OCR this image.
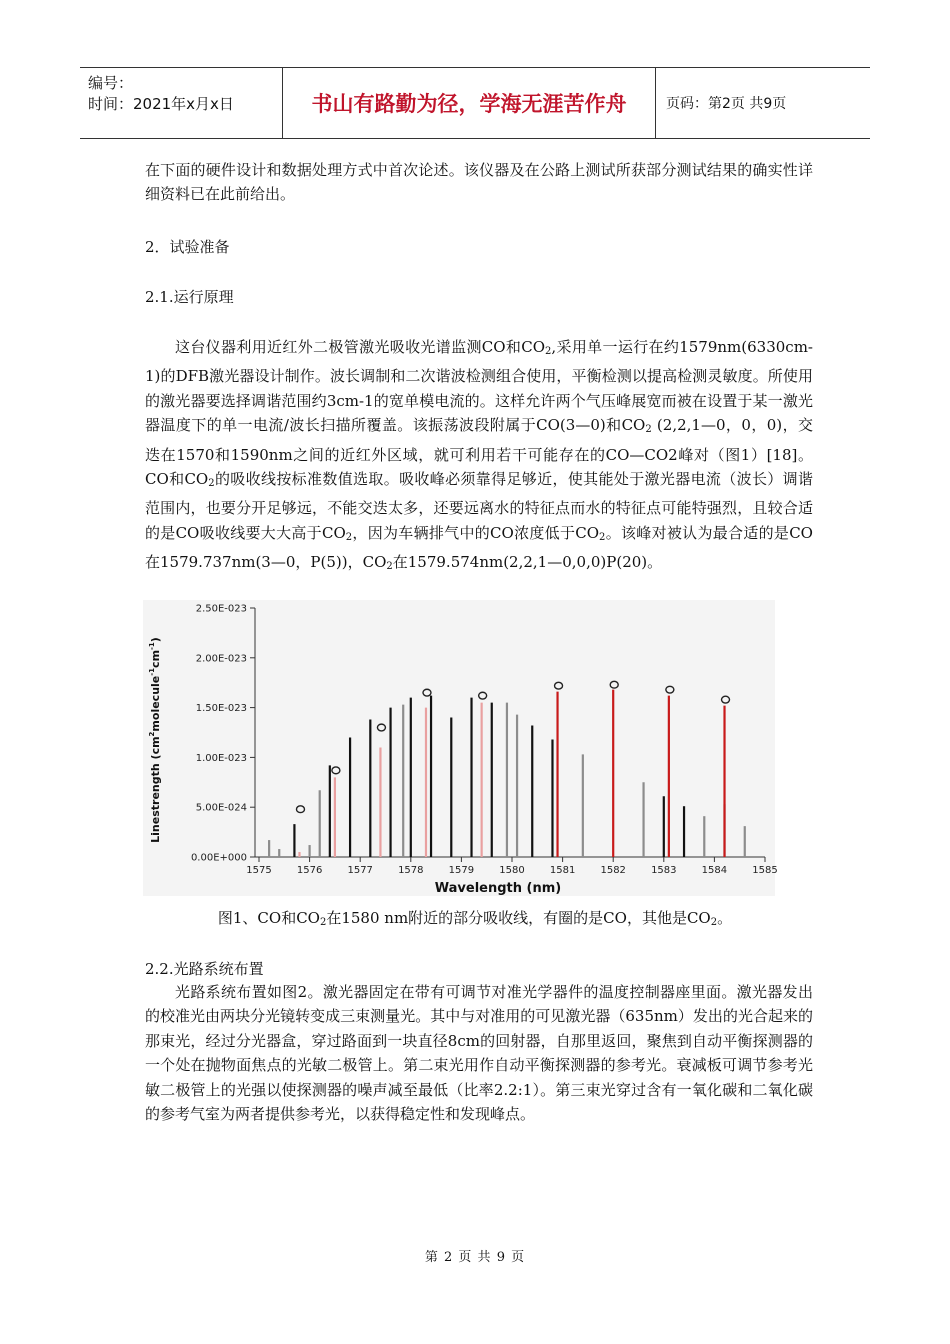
编号：
时间：2021年x月x日	书山有路勤为径，学海无涯苦作舟	页码：第2页 共9页

在下面的硬件设计和数据处理方式中首次论述。该仪器及在公路上测试所获部分测试结果的确实性详细资料已在此前给出。

2．试验准备

2.1.运行原理

这台仪器利用近红外二极管激光吸收光谱监测CO和$CO_2$,采用单一运行在约1579nm(6330cm-1)的DFB激光器设计制作。波长调制和二次谐波检测组合使用，平衡检测以提高检测灵敏度。所使用的激光器要选择调谐范围约3cm-1的宽单模电流的。这样允许两个气压峰展宽而被在设置于某一激光器温度下的单一电流/波长扫描所覆盖。该振荡波段附属于CO(3—0)和$CO_2$ (2,2,1—0，0，0)，交迭在1570和1590nm之间的近红外区域，就可利用若干可能存在的CO—CO2峰对（图1）[18]。CO和$CO_2$的吸收线按标准数值选取。吸收峰必须靠得足够近，使其能处于激光器电流（波长）调谐范围内，也要分开足够远，不能交迭太多，还要远离水的特征点而水的特征点可能特强烈，且较合适的是CO吸收线要大大高于$CO_2$，因为车辆排气中的CO浓度低于$CO_2$。该峰对被认为最合适的是CO在1579.737nm(3—0，P(5))，$CO_2$在1579.574nm(2,2,1—0,0,0)P(20)。

0.00E+000
5.00E-024
1.00E-023
1.50E-023
2.00E-023
2.50E-023
1575	1576	1577	1578	1579	1580	1581	1582	1583	1584	1585
Wavelength (nm)
Linestrength $(cm^2molecule^{-1}cm^{-1})$
图1、CO和$CO_2$在1580 nm附近的部分吸收线，有圈的是CO，其他是$CO_2$。

2.2.光路系统布置

光路系统布置如图2。激光器固定在带有可调节对准光学器件的温度控制器座里面。激光器发出的校准光由两块分光镜转变成三束测量光。其中与对准用的可见激光器（635nm）发出的光合起来的那束光，经过分光器盒，穿过路面到一块直径8cm的回射器，自那里返回，聚焦到自动平衡探测器的一个处在抛物面焦点的光敏二极管上。第二束光用作自动平衡探测器的参考光。衰减板可调节参考光敏二极管上的光强以使探测器的噪声减至最低（比率2.2:1）。第三束光穿过含有一氧化碳和二氧化碳的参考气室为两者提供参考光，以获得稳定性和发现峰点。

第 2 页 共 9 页
